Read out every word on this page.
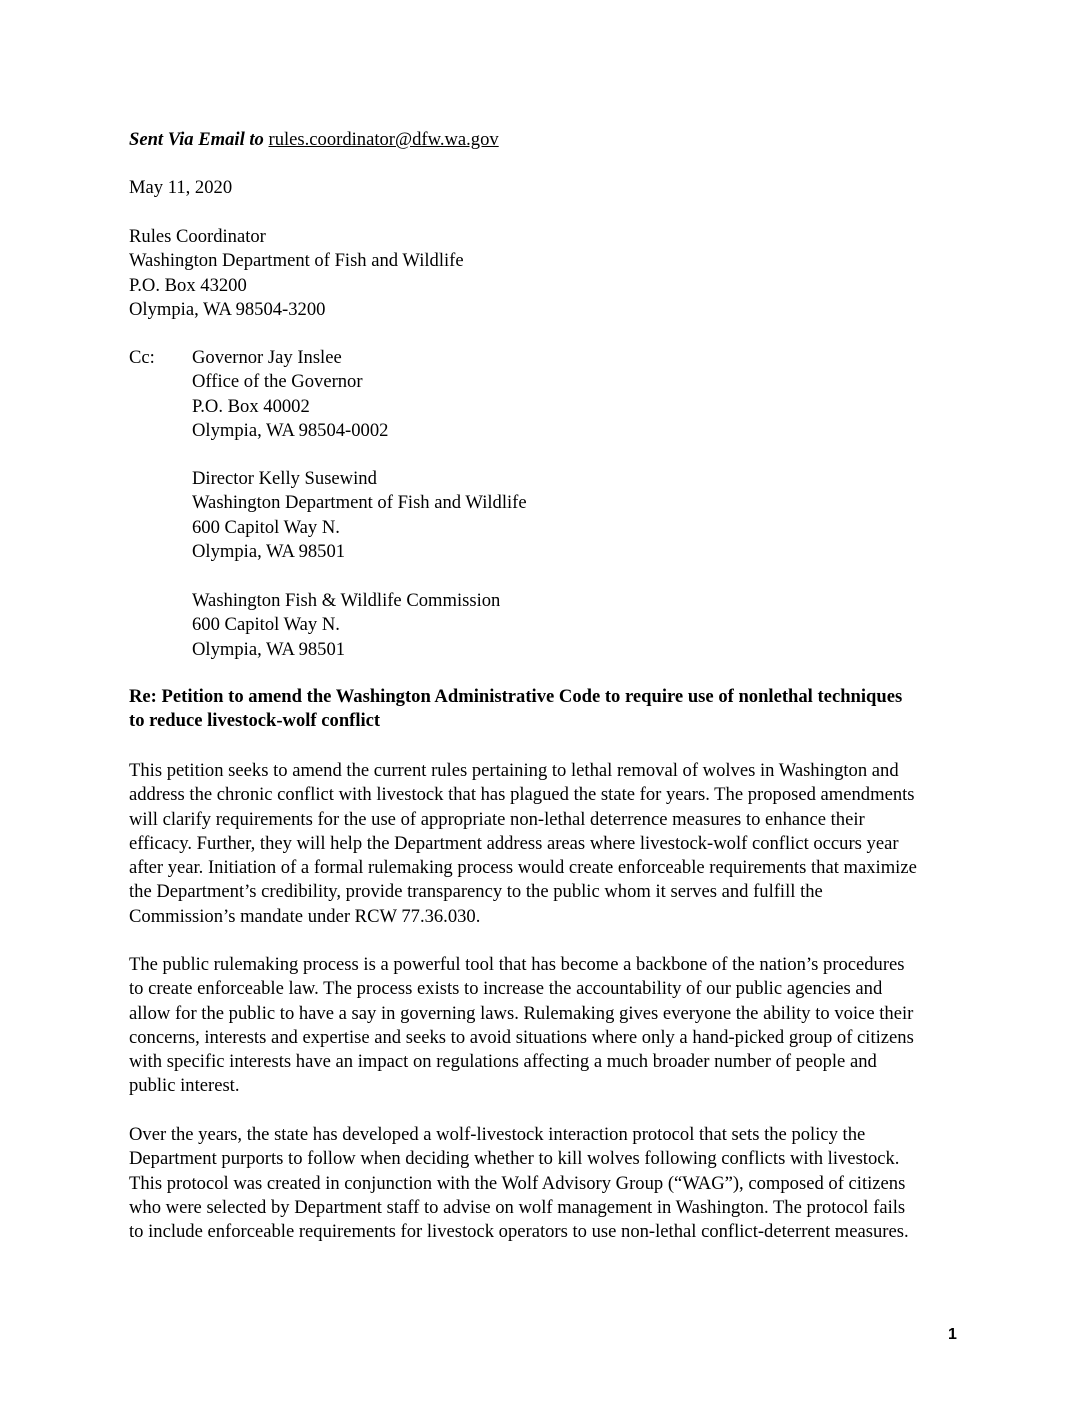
Sent Via Email to rules.coordinator@dfw.wa.gov
May 11, 2020
Rules Coordinator
Washington Department of Fish and Wildlife
P.O. Box 43200
Olympia, WA 98504-3200
Cc: Governor Jay Inslee
Office of the Governor
P.O. Box 40002
Olympia, WA 98504-0002
Director Kelly Susewind
Washington Department of Fish and Wildlife
600 Capitol Way N.
Olympia, WA 98501
Washington Fish & Wildlife Commission
600 Capitol Way N.
Olympia, WA 98501
Re: Petition to amend the Washington Administrative Code to require use of nonlethal techniques
to reduce livestock-wolf conflict
This petition seeks to amend the current rules pertaining to lethal removal of wolves in Washington and
address the chronic conflict with livestock that has plagued the state for years. The proposed amendments
will clarify requirements for the use of appropriate non-lethal deterrence measures to enhance their
efficacy. Further, they will help the Department address areas where livestock-wolf conflict occurs year
after year. Initiation of a formal rulemaking process would create enforceable requirements that maximize
the Department’s credibility, provide transparency to the public whom it serves and fulfill the
Commission’s mandate under RCW 77.36.030.
The public rulemaking process is a powerful tool that has become a backbone of the nation’s procedures
to create enforceable law. The process exists to increase the accountability of our public agencies and
allow for the public to have a say in governing laws. Rulemaking gives everyone the ability to voice their
concerns, interests and expertise and seeks to avoid situations where only a hand-picked group of citizens
with specific interests have an impact on regulations affecting a much broader number of people and
public interest.
Over the years, the state has developed a wolf-livestock interaction protocol that sets the policy the
Department purports to follow when deciding whether to kill wolves following conflicts with livestock.
This protocol was created in conjunction with the Wolf Advisory Group (“WAG”), composed of citizens
who were selected by Department staff to advise on wolf management in Washington. The protocol fails
to include enforceable requirements for livestock operators to use non-lethal conflict-deterrent measures.
1
